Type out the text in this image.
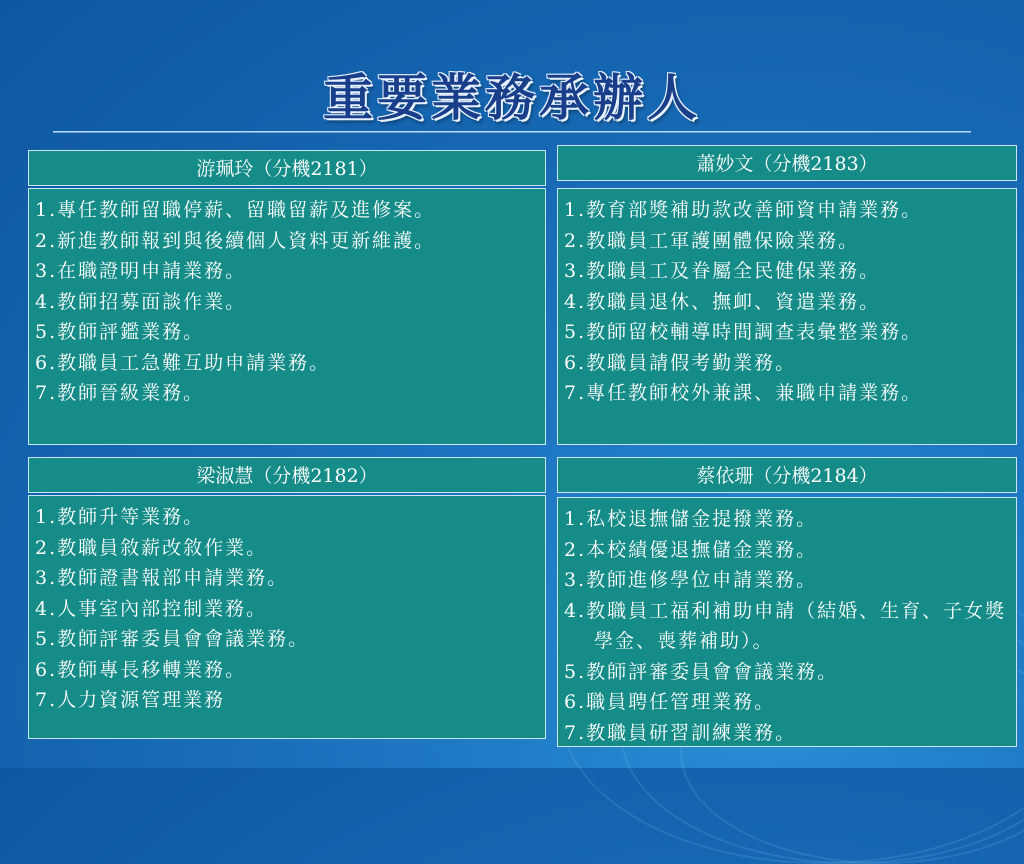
重要業務承辦人
游珮玲（分機2181）
1.專任教師留職停薪、留職留薪及進修案。
2.新進教師報到與後續個人資料更新維護。
3.在職證明申請業務。
4.教師招募面談作業。
5.教師評鑑業務。
6.教職員工急難互助申請業務。
7.教師晉級業務。
蕭妙文（分機2183）
1.教育部獎補助款改善師資申請業務。
2.教職員工軍護團體保險業務。
3.教職員工及眷屬全民健保業務。
4.教職員退休、撫卹、資遣業務。
5.教師留校輔導時間調查表彙整業務。
6.教職員請假考勤業務。
7.專任教師校外兼課、兼職申請業務。
梁淑慧（分機2182）
1.教師升等業務。
2.教職員敘薪改敘作業。
3.教師證書報部申請業務。
4.人事室內部控制業務。
5.教師評審委員會會議業務。
6.教師專長移轉業務。
7.人力資源管理業務
蔡依珊（分機2184）
1.私校退撫儲金提撥業務。
2.本校績優退撫儲金業務。
3.教師進修學位申請業務。
4.教職員工福利補助申請（結婚、生育、子女獎學金、喪葬補助）。
5.教師評審委員會會議業務。
6.職員聘任管理業務。
7.教職員研習訓練業務。
